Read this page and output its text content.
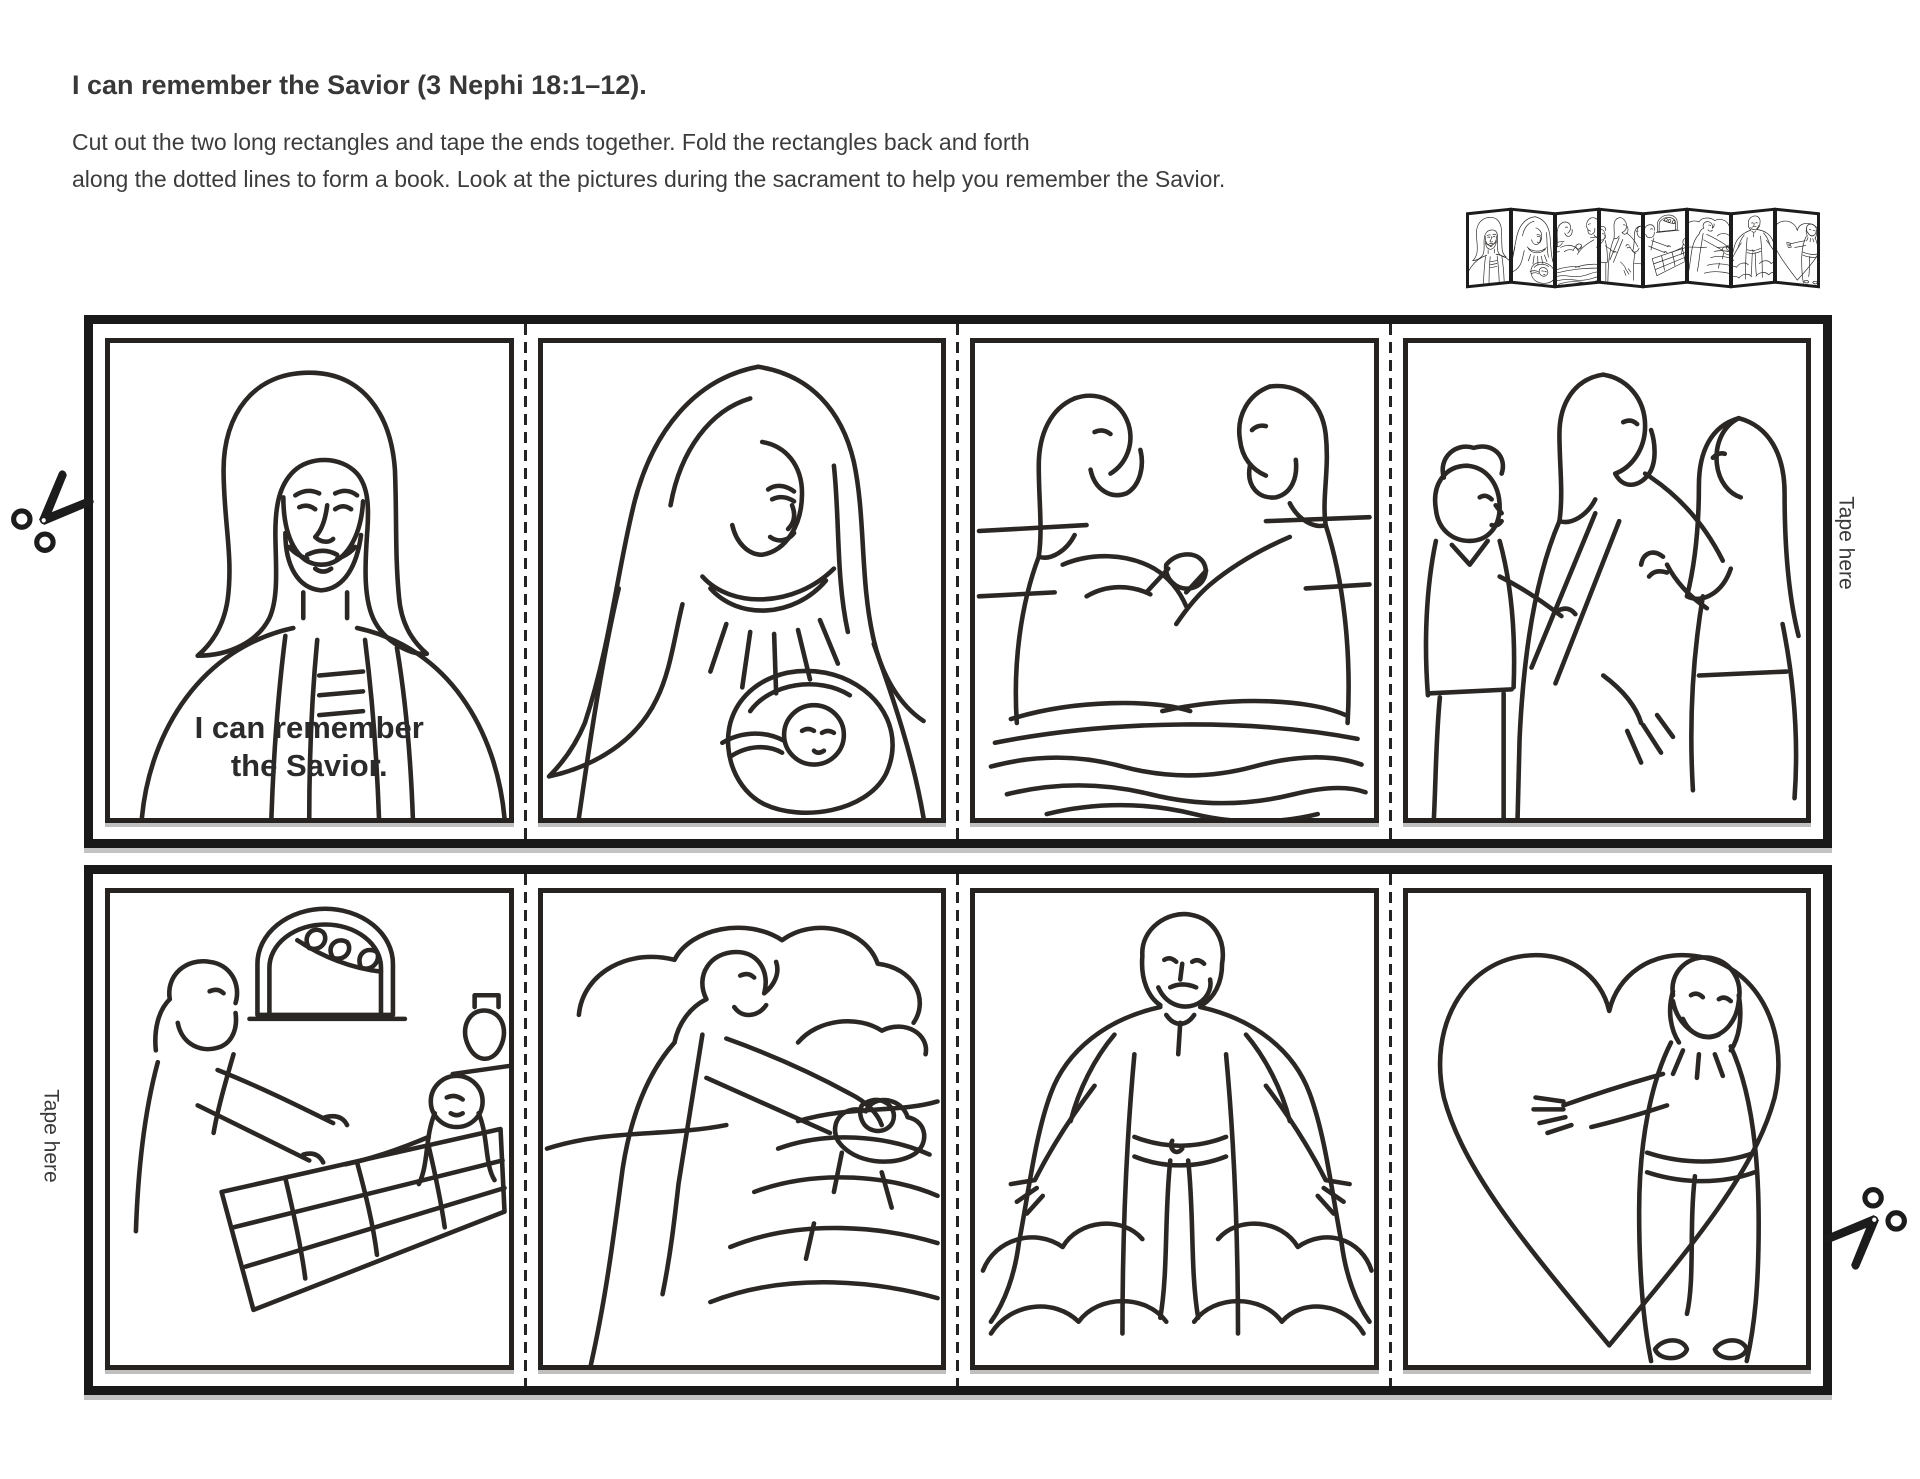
I can remember the Savior (3 Nephi 18:1–12).
Cut out the two long rectangles and tape the ends together. Fold the rectangles back and forth
along the dotted lines to form a book. Look at the pictures during the sacrament to help you remember the Savior.
I can remember
the Savior.
Tape here
Tape here
